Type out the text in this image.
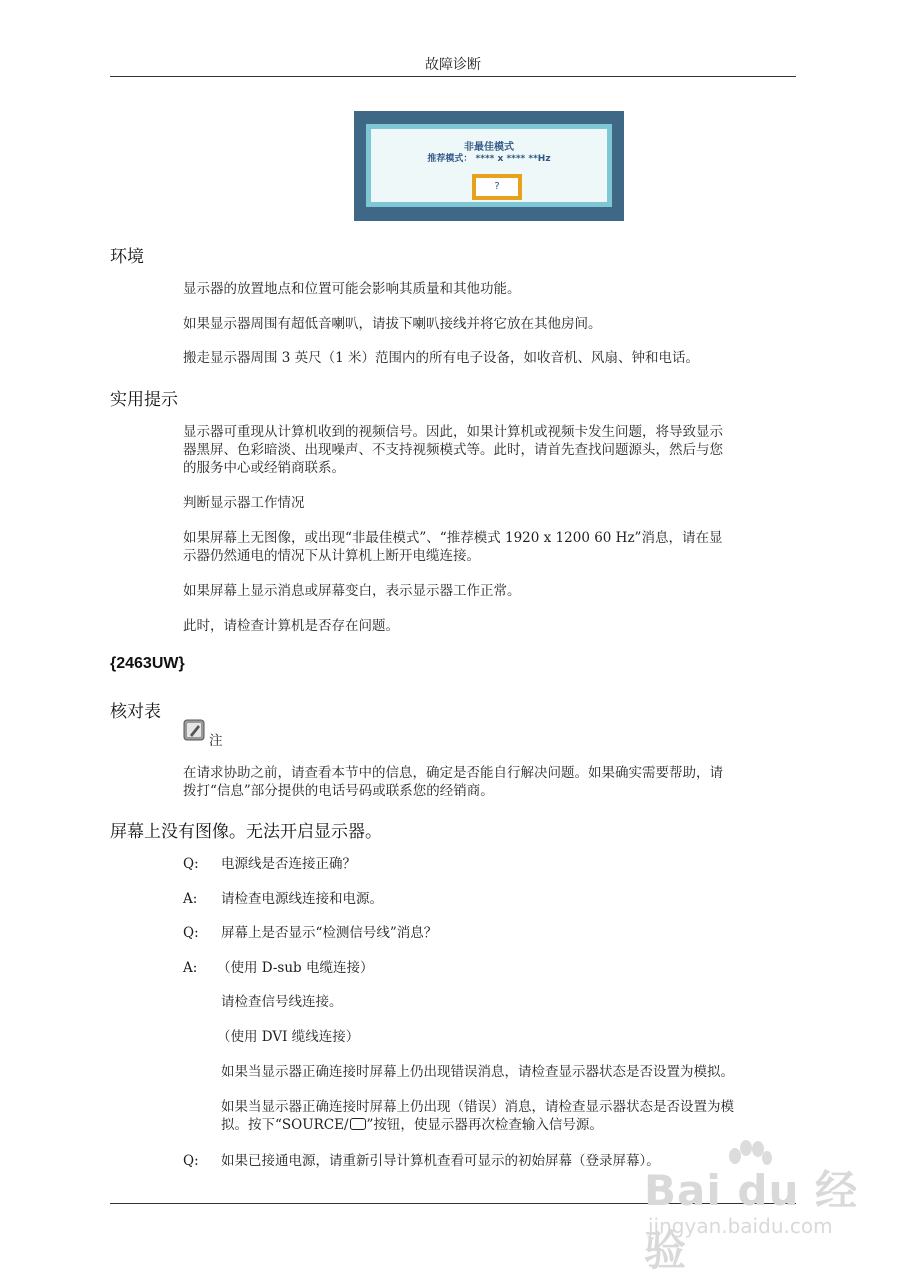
故障诊断
非最佳模式
推荐模式： **** x **** **Hz
?
环境
显示器的放置地点和位置可能会影响其质量和其他功能。
如果显示器周围有超低音喇叭，请拔下喇叭接线并将它放在其他房间。
搬走显示器周围 3 英尺（1 米）范围内的所有电子设备，如收音机、风扇、钟和电话。
实用提示
显示器可重现从计算机收到的视频信号。因此，如果计算机或视频卡发生问题，将导致显示
器黑屏、色彩暗淡、出现噪声、不支持视频模式等。此时，请首先查找问题源头，然后与您
的服务中心或经销商联系。
判断显示器工作情况
如果屏幕上无图像，或出现“非最佳模式”、“推荐模式 1920 x 1200 60 Hz”消息，请在显
示器仍然通电的情况下从计算机上断开电缆连接。
如果屏幕上显示消息或屏幕变白，表示显示器工作正常。
此时，请检查计算机是否存在问题。
{2463UW}
核对表
注
在请求协助之前，请查看本节中的信息，确定是否能自行解决问题。如果确实需要帮助，请
拨打“信息”部分提供的电话号码或联系您的经销商。
屏幕上没有图像。无法开启显示器。
Q: 电源线是否连接正确？
A: 请检查电源线连接和电源。
Q: 屏幕上是否显示“检测信号线”消息？
A: （使用 D-sub 电缆连接）
请检查信号线连接。
（使用 DVI 缆线连接）
如果当显示器正确连接时屏幕上仍出现错误消息，请检查显示器状态是否设置为模拟。
如果当显示器正确连接时屏幕上仍出现（错误）消息，请检查显示器状态是否设置为模
拟。按下“SOURCE/ ”按钮，使显示器再次检查输入信号源。
Q: 如果已接通电源，请重新引导计算机查看可显示的初始屏幕（登录屏幕）。
Bai du 经验
jingyan.baidu.com
